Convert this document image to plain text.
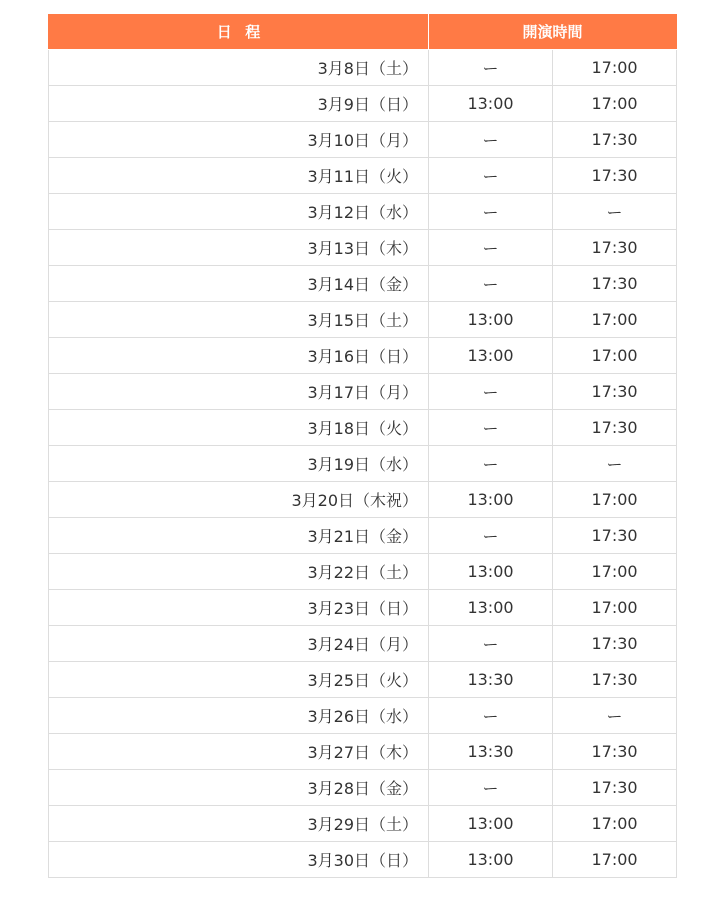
日程	開演時間	
3月8日（土）	ー	17:00
3月9日（日）	13:00	17:00
3月10日（月）	ー	17:30
3月11日（火）	ー	17:30
3月12日（水）	ー	ー
3月13日（木）	ー	17:30
3月14日（金）	ー	17:30
3月15日（土）	13:00	17:00
3月16日（日）	13:00	17:00
3月17日（月）	ー	17:30
3月18日（火）	ー	17:30
3月19日（水）	ー	ー
3月20日（木祝）	13:00	17:00
3月21日（金）	ー	17:30
3月22日（土）	13:00	17:00
3月23日（日）	13:00	17:00
3月24日（月）	ー	17:30
3月25日（火）	13:30	17:30
3月26日（水）	ー	ー
3月27日（木）	13:30	17:30
3月28日（金）	ー	17:30
3月29日（土）	13:00	17:00
3月30日（日）	13:00	17:00
